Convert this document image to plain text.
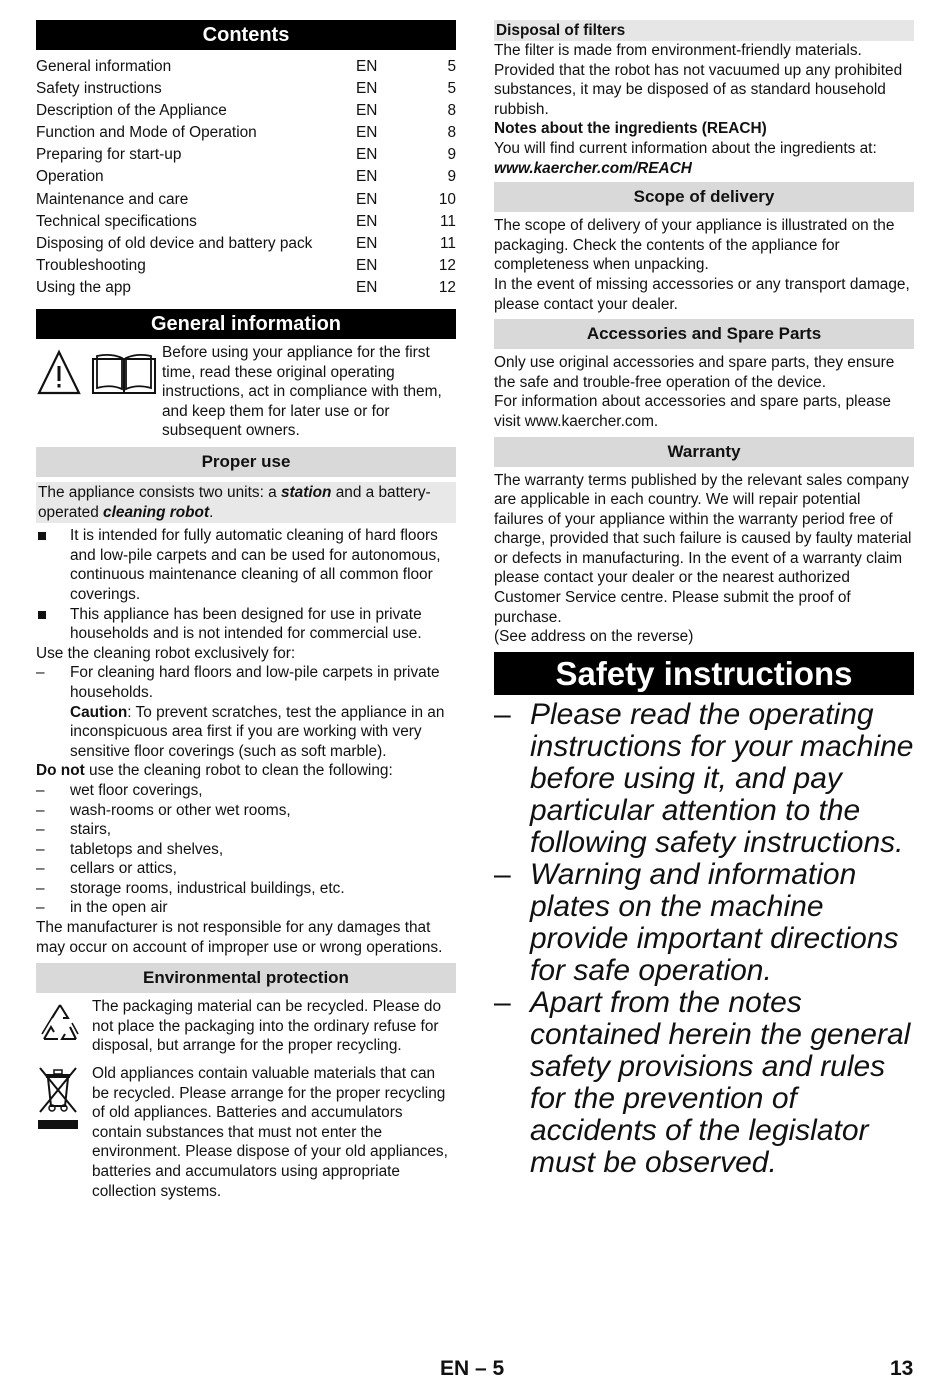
Contents
General information	EN	5
Safety instructions	EN	5
Description of the Appliance	EN	8
Function and Mode of Operation	EN	8
Preparing for start-up	EN	9
Operation	EN	9
Maintenance and care	EN	10
Technical specifications	EN	11
Disposing of old device and battery pack	EN	11
Troubleshooting	EN	12
Using the app	EN	12
General information

Before using your appliance for the first time, read these original operating instructions, act in compliance with them, and keep them for later use or for subsequent owners.

Proper use

The appliance consists two units: a station and a battery-operated cleaning robot.

It is intended for fully automatic cleaning of hard floors and low-pile carpets and can be used for autonomous, continuous maintenance cleaning of all common floor coverings.
This appliance has been designed for use in private households and is not intended for commercial use.

Use the cleaning robot exclusively for:

–	For cleaning hard floors and low-pile carpets in private households.
Caution: To prevent scratches, test the appliance in an inconspicuous area first if you are working with very sensitive floor coverings (such as soft marble).

Do not use the cleaning robot to clean the following:

–	wet floor coverings,
–	wash-rooms or other wet rooms,
–	stairs,
–	tabletops and shelves,
–	cellars or attics,
–	storage rooms, industrical buildings, etc.
–	in the open air

The manufacturer is not responsible for any damages that may occur on account of improper use or wrong operations.

Environmental protection

The packaging material can be recycled. Please do not place the packaging into the ordinary refuse for disposal, but arrange for the proper recycling.

Old appliances contain valuable materials that can be recycled. Please arrange for the proper recycling of old appliances. Batteries and accumulators contain substances that must not enter the environment. Please dispose of your old appliances, batteries and accumulators using appropriate collection systems.

Disposal of filters

The filter is made from environment-friendly materials. Provided that the robot has not vacuumed up any prohibited substances, it may be disposed of as standard household rubbish.

Notes about the ingredients (REACH)

You will find current information about the ingredients at:

www.kaercher.com/REACH

Scope of delivery

The scope of delivery of your appliance is illustrated on the packaging. Check the contents of the appliance for completeness when unpacking.

In the event of missing accessories or any transport damage, please contact your dealer.

Accessories and Spare Parts

Only use original accessories and spare parts, they ensure the safe and trouble-free operation of the device.

For information about accessories and spare parts, please visit www.kaercher.com.

Warranty

The warranty terms published by the relevant sales company are applicable in each country. We will repair potential failures of your appliance within the warranty period free of charge, provided that such failure is caused by faulty material or defects in manufacturing. In the event of a warranty claim please contact your dealer or the nearest authorized Customer Service centre. Please submit the proof of purchase.

(See address on the reverse)

Safety instructions
– Please read the operating instructions for your machine before using it, and pay particular attention to the following safety instructions.
– Warning and information plates on the machine provide important directions for safe operation.
– Apart from the notes contained herein the general safety provisions and rules for the prevention of accidents of the legislator must be observed.
EN – 5	13
